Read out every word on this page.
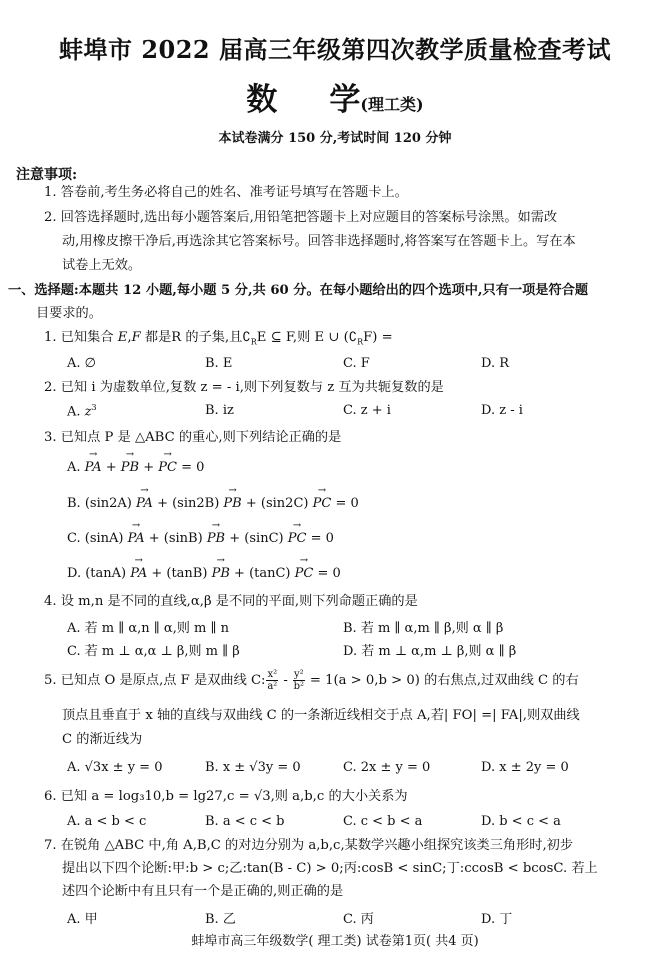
蚌埠市 2022 届高三年级第四次教学质量检查考试
数 学(理工类)
本试卷满分 150 分,考试时间 120 分钟
注意事项:
1. 答卷前,考生务必将自己的姓名、准考证号填写在答题卡上。
2. 回答选择题时,选出每小题答案后,用铅笔把答题卡上对应题目的答案标号涂黑。如需改
动,用橡皮擦干净后,再选涂其它答案标号。回答非选择题时,将答案写在答题卡上。写在本
试卷上无效。
一、选择题:本题共 12 小题,每小题 5 分,共 60 分。在每小题给出的四个选项中,只有一项是符合题
目要求的。
1. 已知集合 E,F 都是R 的子集,且$∁_RE$ ⊆ F,则 E ∪ $(∁_RF)$ =
A. ∅	B. E	C. F	D. R
2. 已知 i 为虚数单位,复数 z = - i,则下列复数与 z 互为共轭复数的是
A. $z^3$	B. iz	C. z + i	D. z - i
3. 已知点 P 是 △ABC 的重心,则下列结论正确的是
A. → PA + → PB + → PC = 0
B. (sin2A) → PA + (sin2B) → PB + (sin2C) → PC = 0
C. (sinA) → PA + (sinB) → PB + (sinC) → PC = 0
D. (tanA) → PA + (tanB) → PB + (tanC) → PC = 0
4. 设 m,n 是不同的直线,α,β 是不同的平面,则下列命题正确的是
A. 若 m ∥ α,n ∥ α,则 m ∥ n	B. 若 m ∥ α,m ∥ β,则 α ∥ β
C. 若 m ⊥ α,α ⊥ β,则 m ∥ β	D. 若 m ⊥ α,m ⊥ β,则 α ∥ β
5. 已知点 O 是原点,点 F 是双曲线 C: $\frac{\text{x²}}{\text{a²}} - \frac{\text{y²}}{\text{b²}} = 1(a > 0,b > 0)$ 的右焦点,过双曲线 C 的右
顶点且垂直于 x 轴的直线与双曲线 C 的一条渐近线相交于点 A,若| FO| =| FA|,则双曲线
C 的渐近线为
A. √3x ± y = 0	B. x ± √3y = 0	C. 2x ± y = 0	D. x ± 2y = 0
6. 已知 a = log₃10,b = lg27,c = √3,则 a,b,c 的大小关系为
A. a < b < c	B. a < c < b	C. c < b < a	D. b < c < a
7. 在锐角 △ABC 中,角 A,B,C 的对边分别为 a,b,c,某数学兴趣小组探究该类三角形时,初步
提出以下四个论断:甲:b > c;乙:tan(B - C) > 0;丙:cosB < sinC;丁:ccosB < bcosC. 若上
述四个论断中有且只有一个是正确的,则正确的是
A. 甲	B. 乙	C. 丙	D. 丁
蚌埠市高三年级数学( 理工类) 试卷第1页( 共4 页)
